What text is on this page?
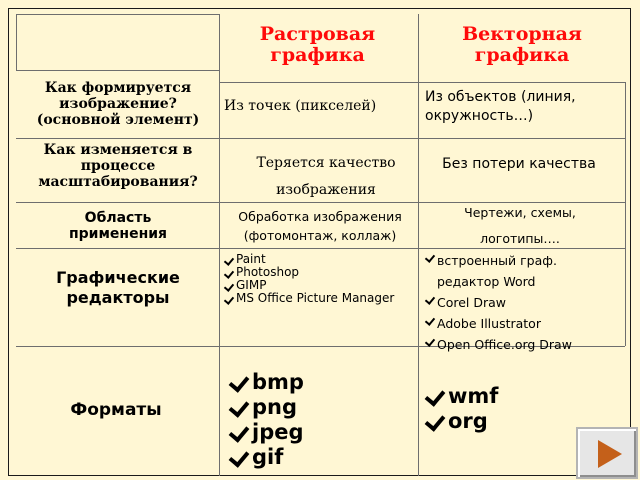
Растровая
графика
Векторная
графика
Как формируется изображение? (основной элемент)
Как изменяется в процессе масштабирования?
Область применения
Графические редакторы
Форматы
Из точек (пикселей)
Из объектов (линия, окружность…)
Теряется качество изображения
Без потери качества
Обработка изображения (фотомонтаж, коллаж)
Чертежи, схемы, логотипы….
Paint
Photoshop
GIMP
MS Office Picture Manager
встроенный граф. редактор Word
Corel Draw
Adobe Illustrator
Open Office.org Draw
bmp
png
jpeg
gif
wmf
org
